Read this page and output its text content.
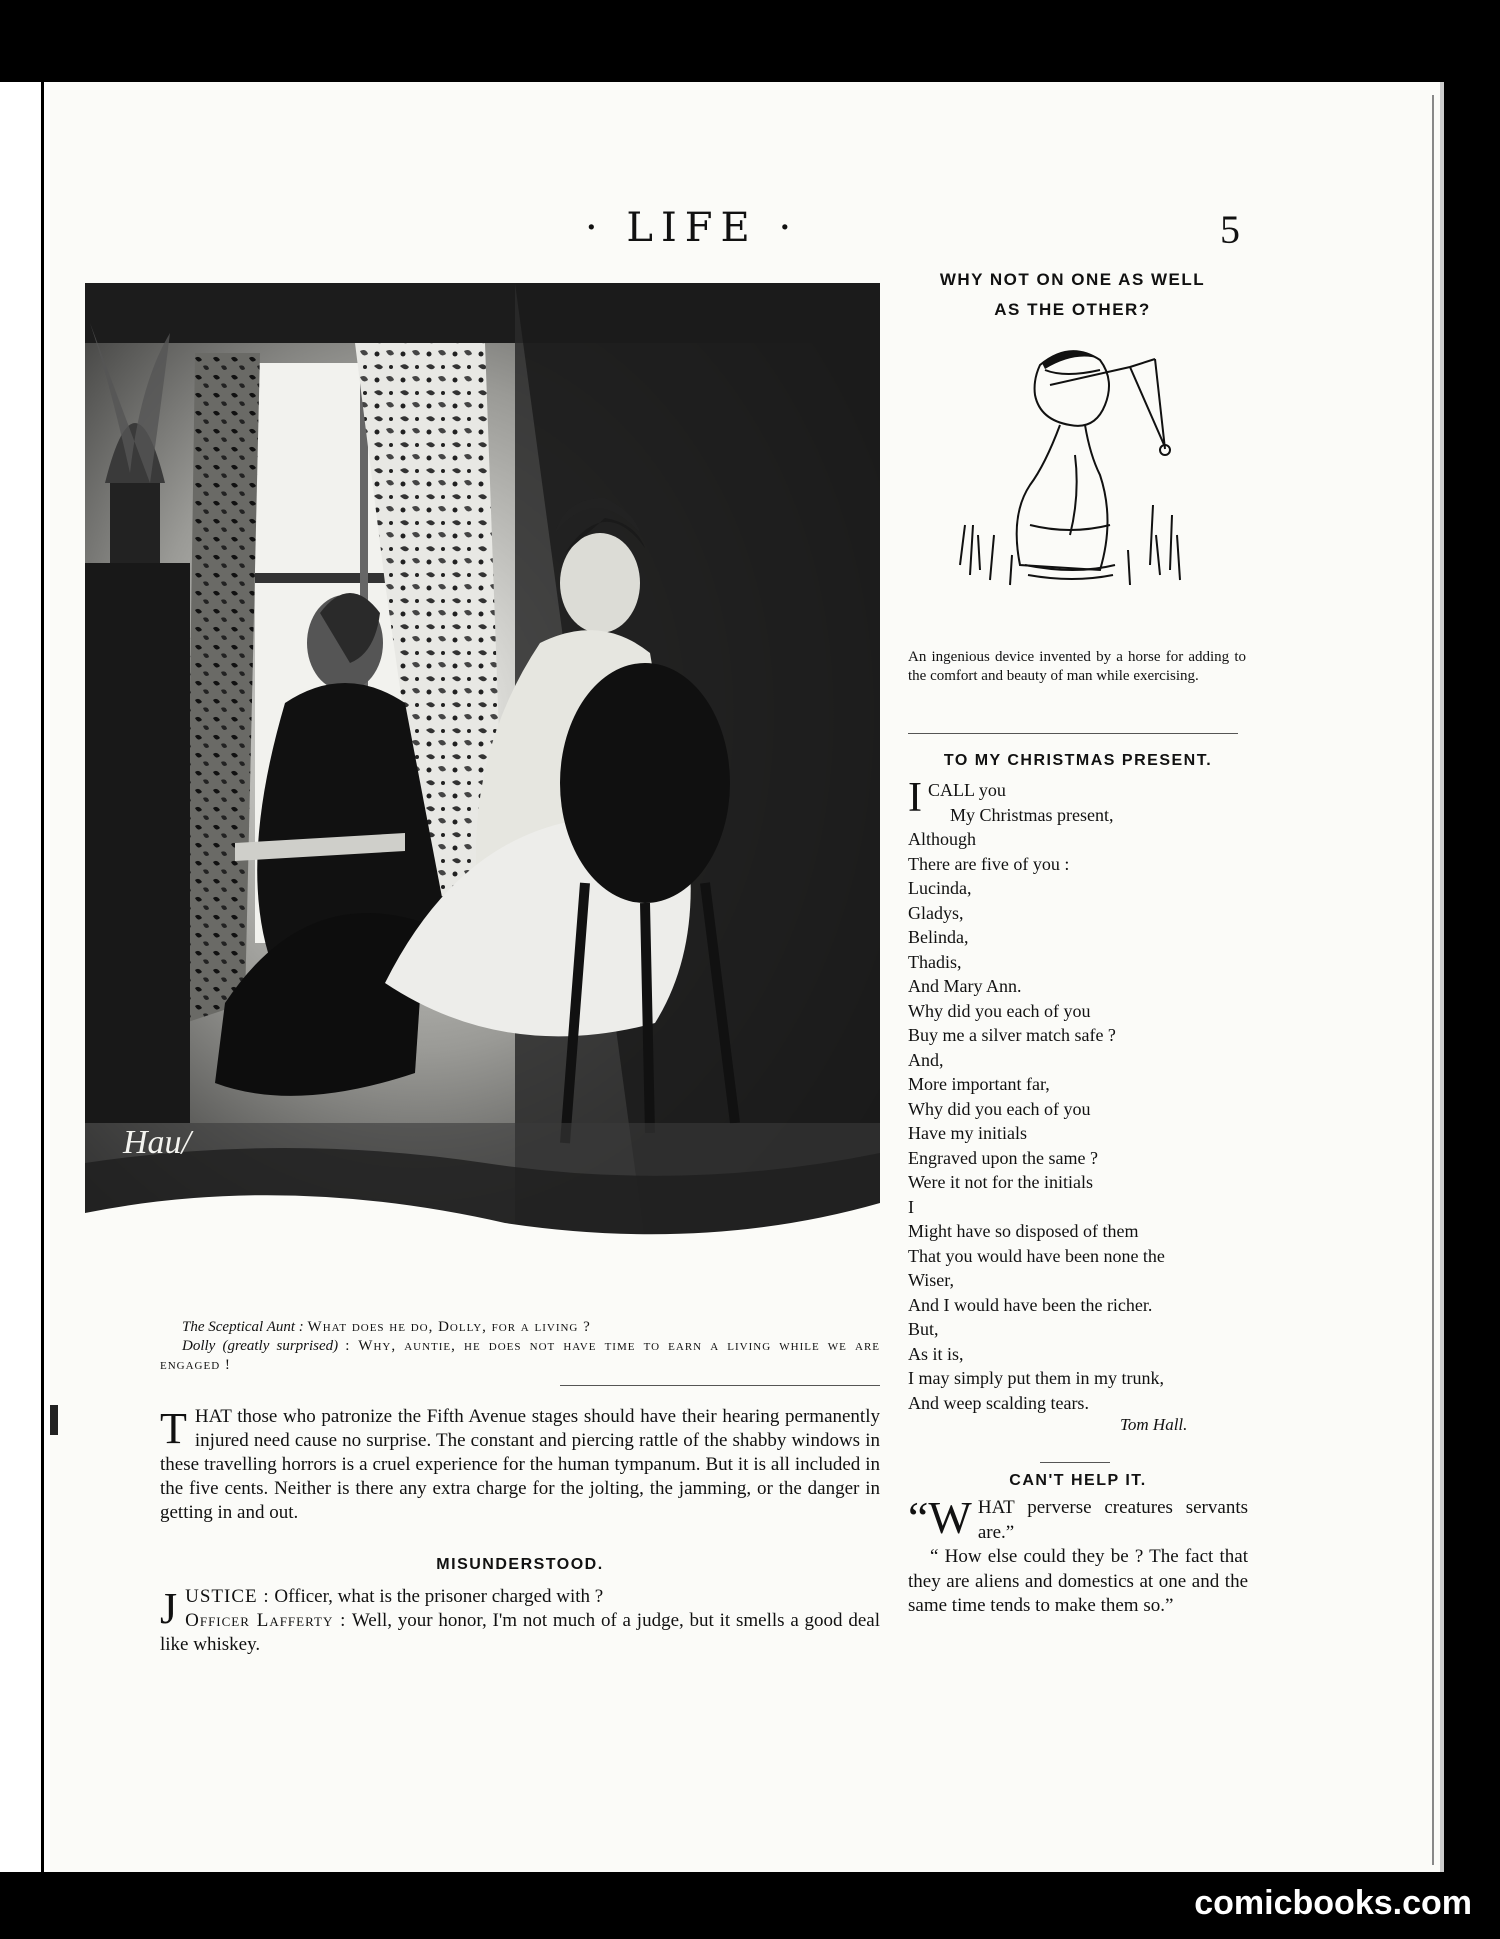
· LIFE ·	5
Hau/

The Sceptical Aunt : What does he do, Dolly, for a living ?

Dolly (greatly surprised) : Why, auntie, he does not have time to earn a living while we are engaged !

T HAT those who patronize the Fifth Avenue stages should have their hearing permanently injured need cause no surprise. The constant and piercing rattle of the shabby windows in these travelling horrors is a cruel experience for the human tympanum. But it is all included in the five cents. Neither is there any extra charge for the jolting, the jamming, or the danger in getting in and out.
MISUNDERSTOOD.
J USTICE : Officer, what is the prisoner charged with ?
Officer Lafferty : Well, your honor, I'm not much of a judge, but it smells a good deal like whiskey.
WHY NOT ON ONE AS WELL
AS THE OTHER?
An ingenious device invented by a horse for adding to the comfort and beauty of man while exercising.
TO MY CHRISTMAS PRESENT.
I CALL you
My Christmas present,
Although
There are five of you :
Lucinda,
Gladys,
Belinda,
Thadis,
And Mary Ann.
Why did you each of you
Buy me a silver match safe ?
And,
More important far,
Why did you each of you
Have my initials
Engraved upon the same ?
Were it not for the initials
I
Might have so disposed of them
That you would have been none the
Wiser,
And I would have been the richer.
But,
As it is,
I may simply put them in my trunk,
And weep scalding tears.
Tom Hall.
CAN'T HELP IT.

“W HAT perverse creatures servants are.”

“ How else could they be ? The fact that they are aliens and domestics at one and the same time tends to make them so.”

comicbooks.com
